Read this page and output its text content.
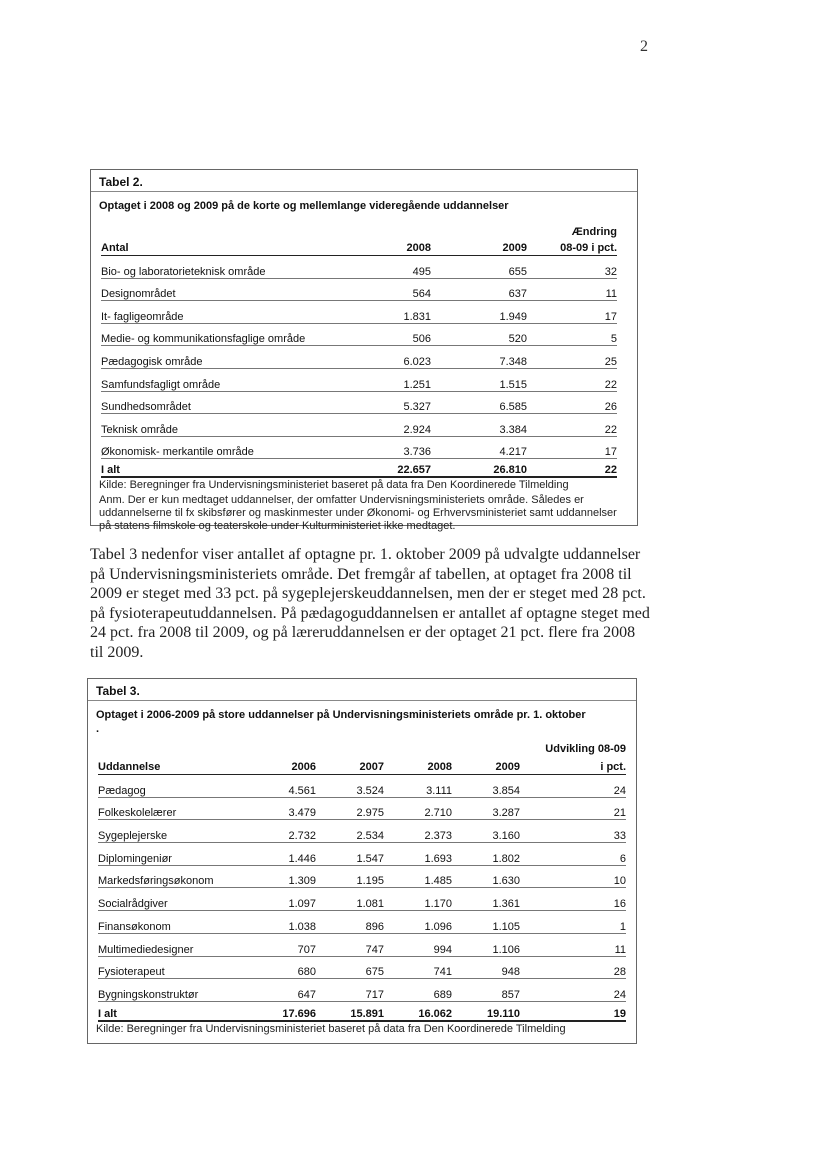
2
Tabel 2.
Optaget i 2008 og 2009 på de korte og mellemlange videregående uddannelser
Antal	2008	2009	Ændring
08-09 i pct.

Bio- og laboratorieteknisk område	495	655	32
Designområdet	564	637	11
It- fagligeområde	1.831	1.949	17
Medie- og kommunikationsfaglige område	506	520	5
Pædagogisk område	6.023	7.348	25
Samfundsfagligt område	1.251	1.515	22
Sundhedsområdet	5.327	6.585	26
Teknisk område	2.924	3.384	22
Økonomisk- merkantile område	3.736	4.217	17
I alt	22.657	26.810	22
Kilde: Beregninger fra Undervisningsministeriet baseret på data fra Den Koordinerede Tilmelding
Anm. Der er kun medtaget uddannelser, der omfatter Undervisningsministeriets område. Således er uddannelserne til fx skibsfører og maskinmester under Økonomi- og Erhvervsministeriet samt uddannelser på statens filmskole og teaterskole under Kulturministeriet ikke medtaget.
Tabel 3 nedenfor viser antallet af optagne pr. 1. oktober 2009 på udvalgte uddannelser på Undervisningsministeriets område. Det fremgår af tabellen, at optaget fra 2008 til 2009 er steget med 33 pct. på sygeplejerskeuddannelsen, men der er steget med 28 pct. på fysioterapeutuddannelsen. På pædagoguddannelsen er antallet af optagne steget med 24 pct. fra 2008 til 2009, og på læreruddannelsen er der optaget 21 pct. flere fra 2008 til 2009.
Tabel 3.
Optaget i 2006-2009 på store uddannelser på Undervisningsministeriets område pr. 1. oktober
.
Uddannelse	2006	2007	2008	2009	Udvikling 08-09
i pct.

Pædagog	4.561	3.524	3.111	3.854	24
Folkeskolelærer	3.479	2.975	2.710	3.287	21
Sygeplejerske	2.732	2.534	2.373	3.160	33
Diplomingeniør	1.446	1.547	1.693	1.802	6
Markedsføringsøkonom	1.309	1.195	1.485	1.630	10
Socialrådgiver	1.097	1.081	1.170	1.361	16
Finansøkonom	1.038	896	1.096	1.105	1
Multimediedesigner	707	747	994	1.106	11
Fysioterapeut	680	675	741	948	28
Bygningskonstruktør	647	717	689	857	24
I alt	17.696	15.891	16.062	19.110	19
Kilde: Beregninger fra Undervisningsministeriet baseret på data fra Den Koordinerede Tilmelding
